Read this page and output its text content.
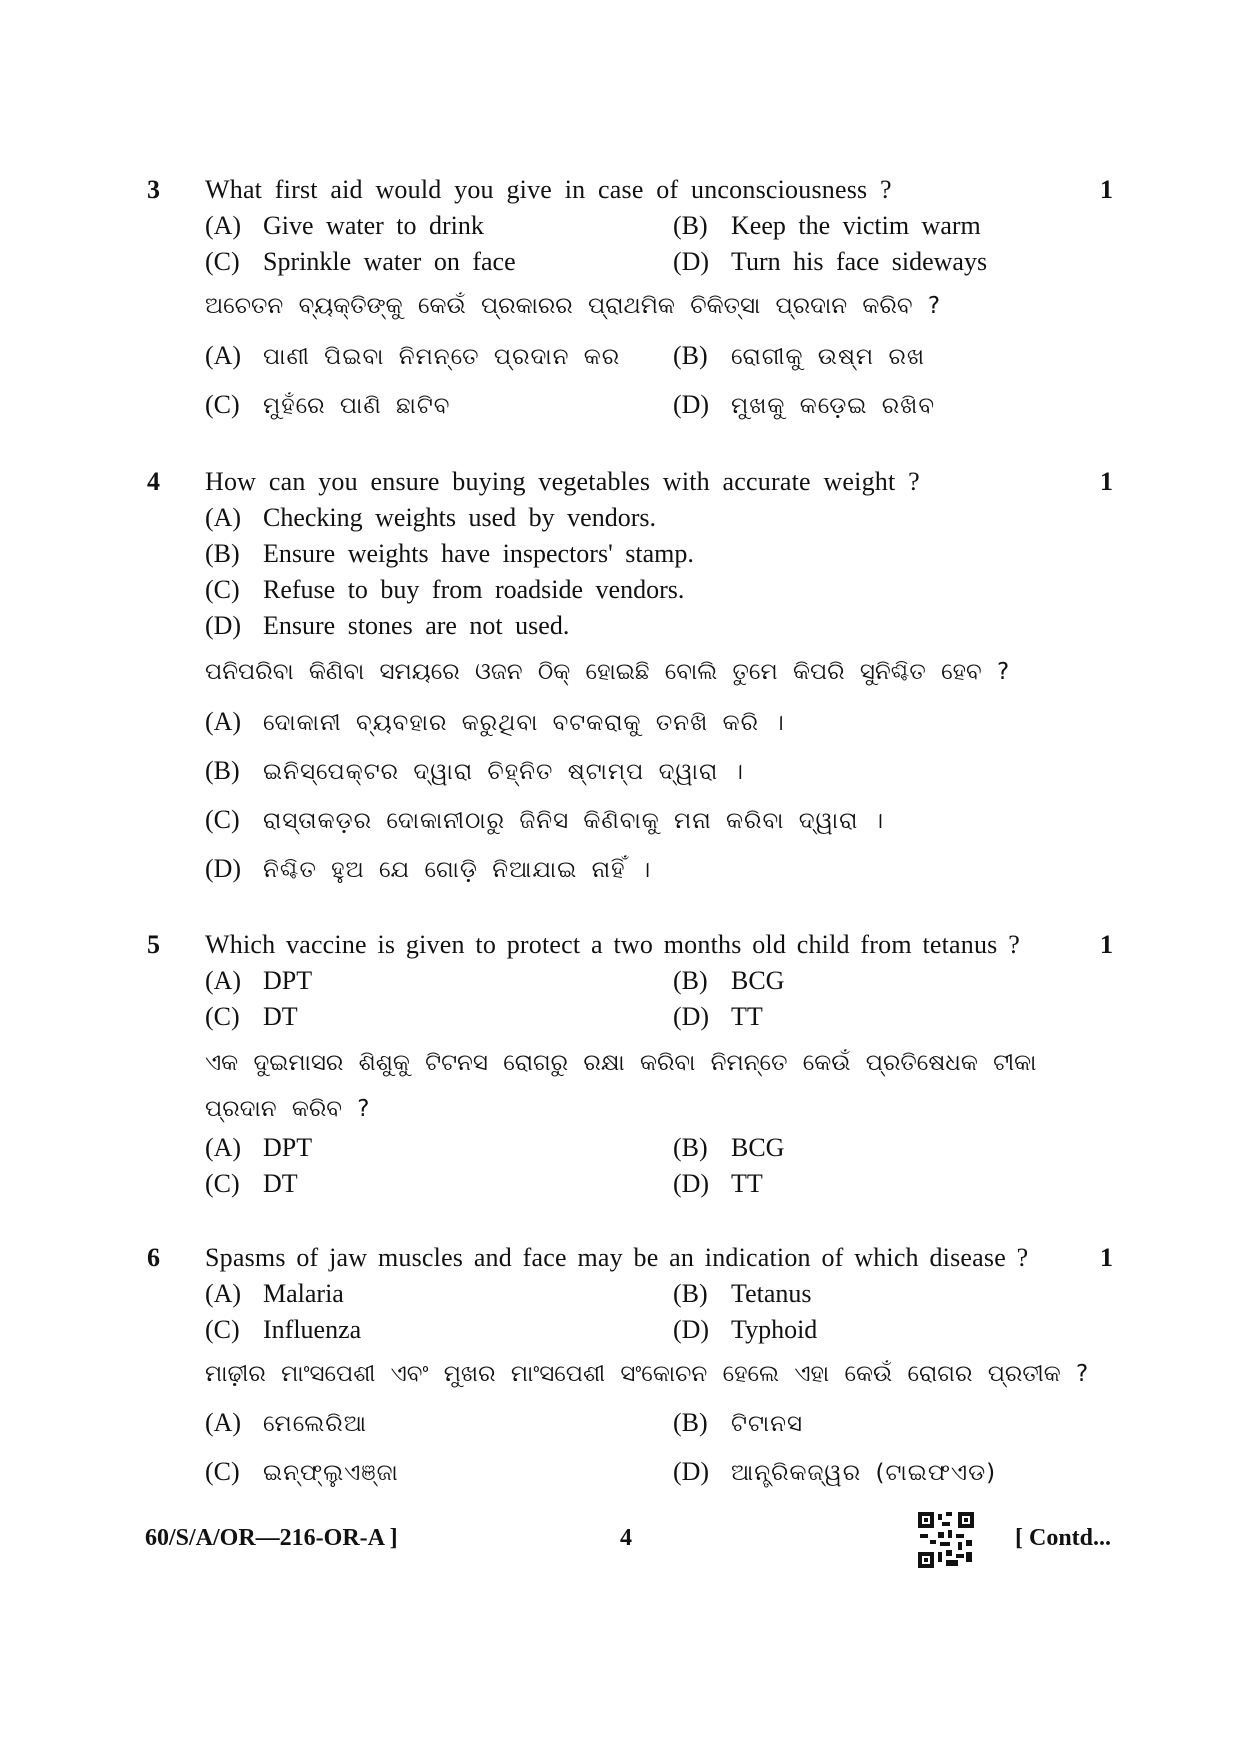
3 What first aid would you give in case of unconsciousness ?	1
(A) Give water to drink	(B) Keep the victim warm
(C) Sprinkle water on face	(D) Turn his face sideways
ଅଚେତନ ବ୍ୟକ୍ତିଙ୍କୁ କେଉଁ ପ୍ରକାରର ପ୍ରାଥମିକ ଚିକିତ୍ସା ପ୍ରଦାନ କରିବ ?
(A) ପାଣୀ ପିଇବା ନିମନ୍ତେ ପ୍ରଦାନ କର (B) ରୋଗୀକୁ ଉଷ୍ମ ରଖ
(C) ମୁହଁରେ ପାଣି ଛାଟିବ	(D) ମୁଖକୁ କଡ଼େଇ ରଖିବ
4 How can you ensure buying vegetables with accurate weight ?	1
(A) Checking weights used by vendors.
(B) Ensure weights have inspectors' stamp.
(C) Refuse to buy from roadside vendors.
(D) Ensure stones are not used.
ପନିପରିବା କିଣିବା ସମୟରେ ଓଜନ ଠିକ୍ ହୋଇଛି ବୋଲି ତୁମେ କିପରି ସୁନିଶ୍ଚିତ ହେବ ?
(A) ଦୋକାନୀ ବ୍ୟବହାର କରୁଥିବା ବଟକରାକୁ ତନଖି କରି ।
(B) ଇନିସ୍‌ପେକ୍ଟର ଦ୍ୱାରା ଚିହ୍ନିତ ଷ୍ଟାମ୍ପ ଦ୍ୱାରା ।
(C) ରାସ୍ତାକଡ଼ର ଦୋକାନୀଠାରୁ ଜିନିସ କିଣିବାକୁ ମନା କରିବା ଦ୍ୱାରା ।
(D) ନିଶ୍ଚିତ ହୁଅ ଯେ ଗୋଡ଼ି ନିଆଯାଇ ନାହିଁ ।
5 Which vaccine is given to protect a two months old child from tetanus ?	1
(A) DPT	(B) BCG
(C) DT	(D) TT
ଏକ ଦୁଇମାସର ଶିଶୁକୁ ଟିଟନସ ରୋଗରୁ ରକ୍ଷା କରିବା ନିମନ୍ତେ କେଉଁ ପ୍ରତିଷେଧକ ଟୀକା
ପ୍ରଦାନ କରିବ ?
(A) DPT	(B) BCG
(C) DT	(D) TT
6 Spasms of jaw muscles and face may be an indication of which disease ?	1
(A) Malaria	(B) Tetanus
(C) Influenza	(D) Typhoid
ମାଢ଼ୀର ମାଂସପେଶୀ ଏବଂ ମୁଖର ମାଂସପେଶୀ ସଂକୋଚନ ହେଲେ ଏହା କେଉଁ ରୋଗର ପ୍ରତୀକ ?
(A) ମେଲେରିଆ	(B) ଟିଟାନସ
(C) ଇନ୍‌ଫ୍ଲୁଏଞ୍ଜା	(D) ଆନ୍ତ୍ରିକଜ୍ୱର (ଟାଇଫଏଡ)
60/S/A/OR—216-OR-A ]	4	[ Contd...
